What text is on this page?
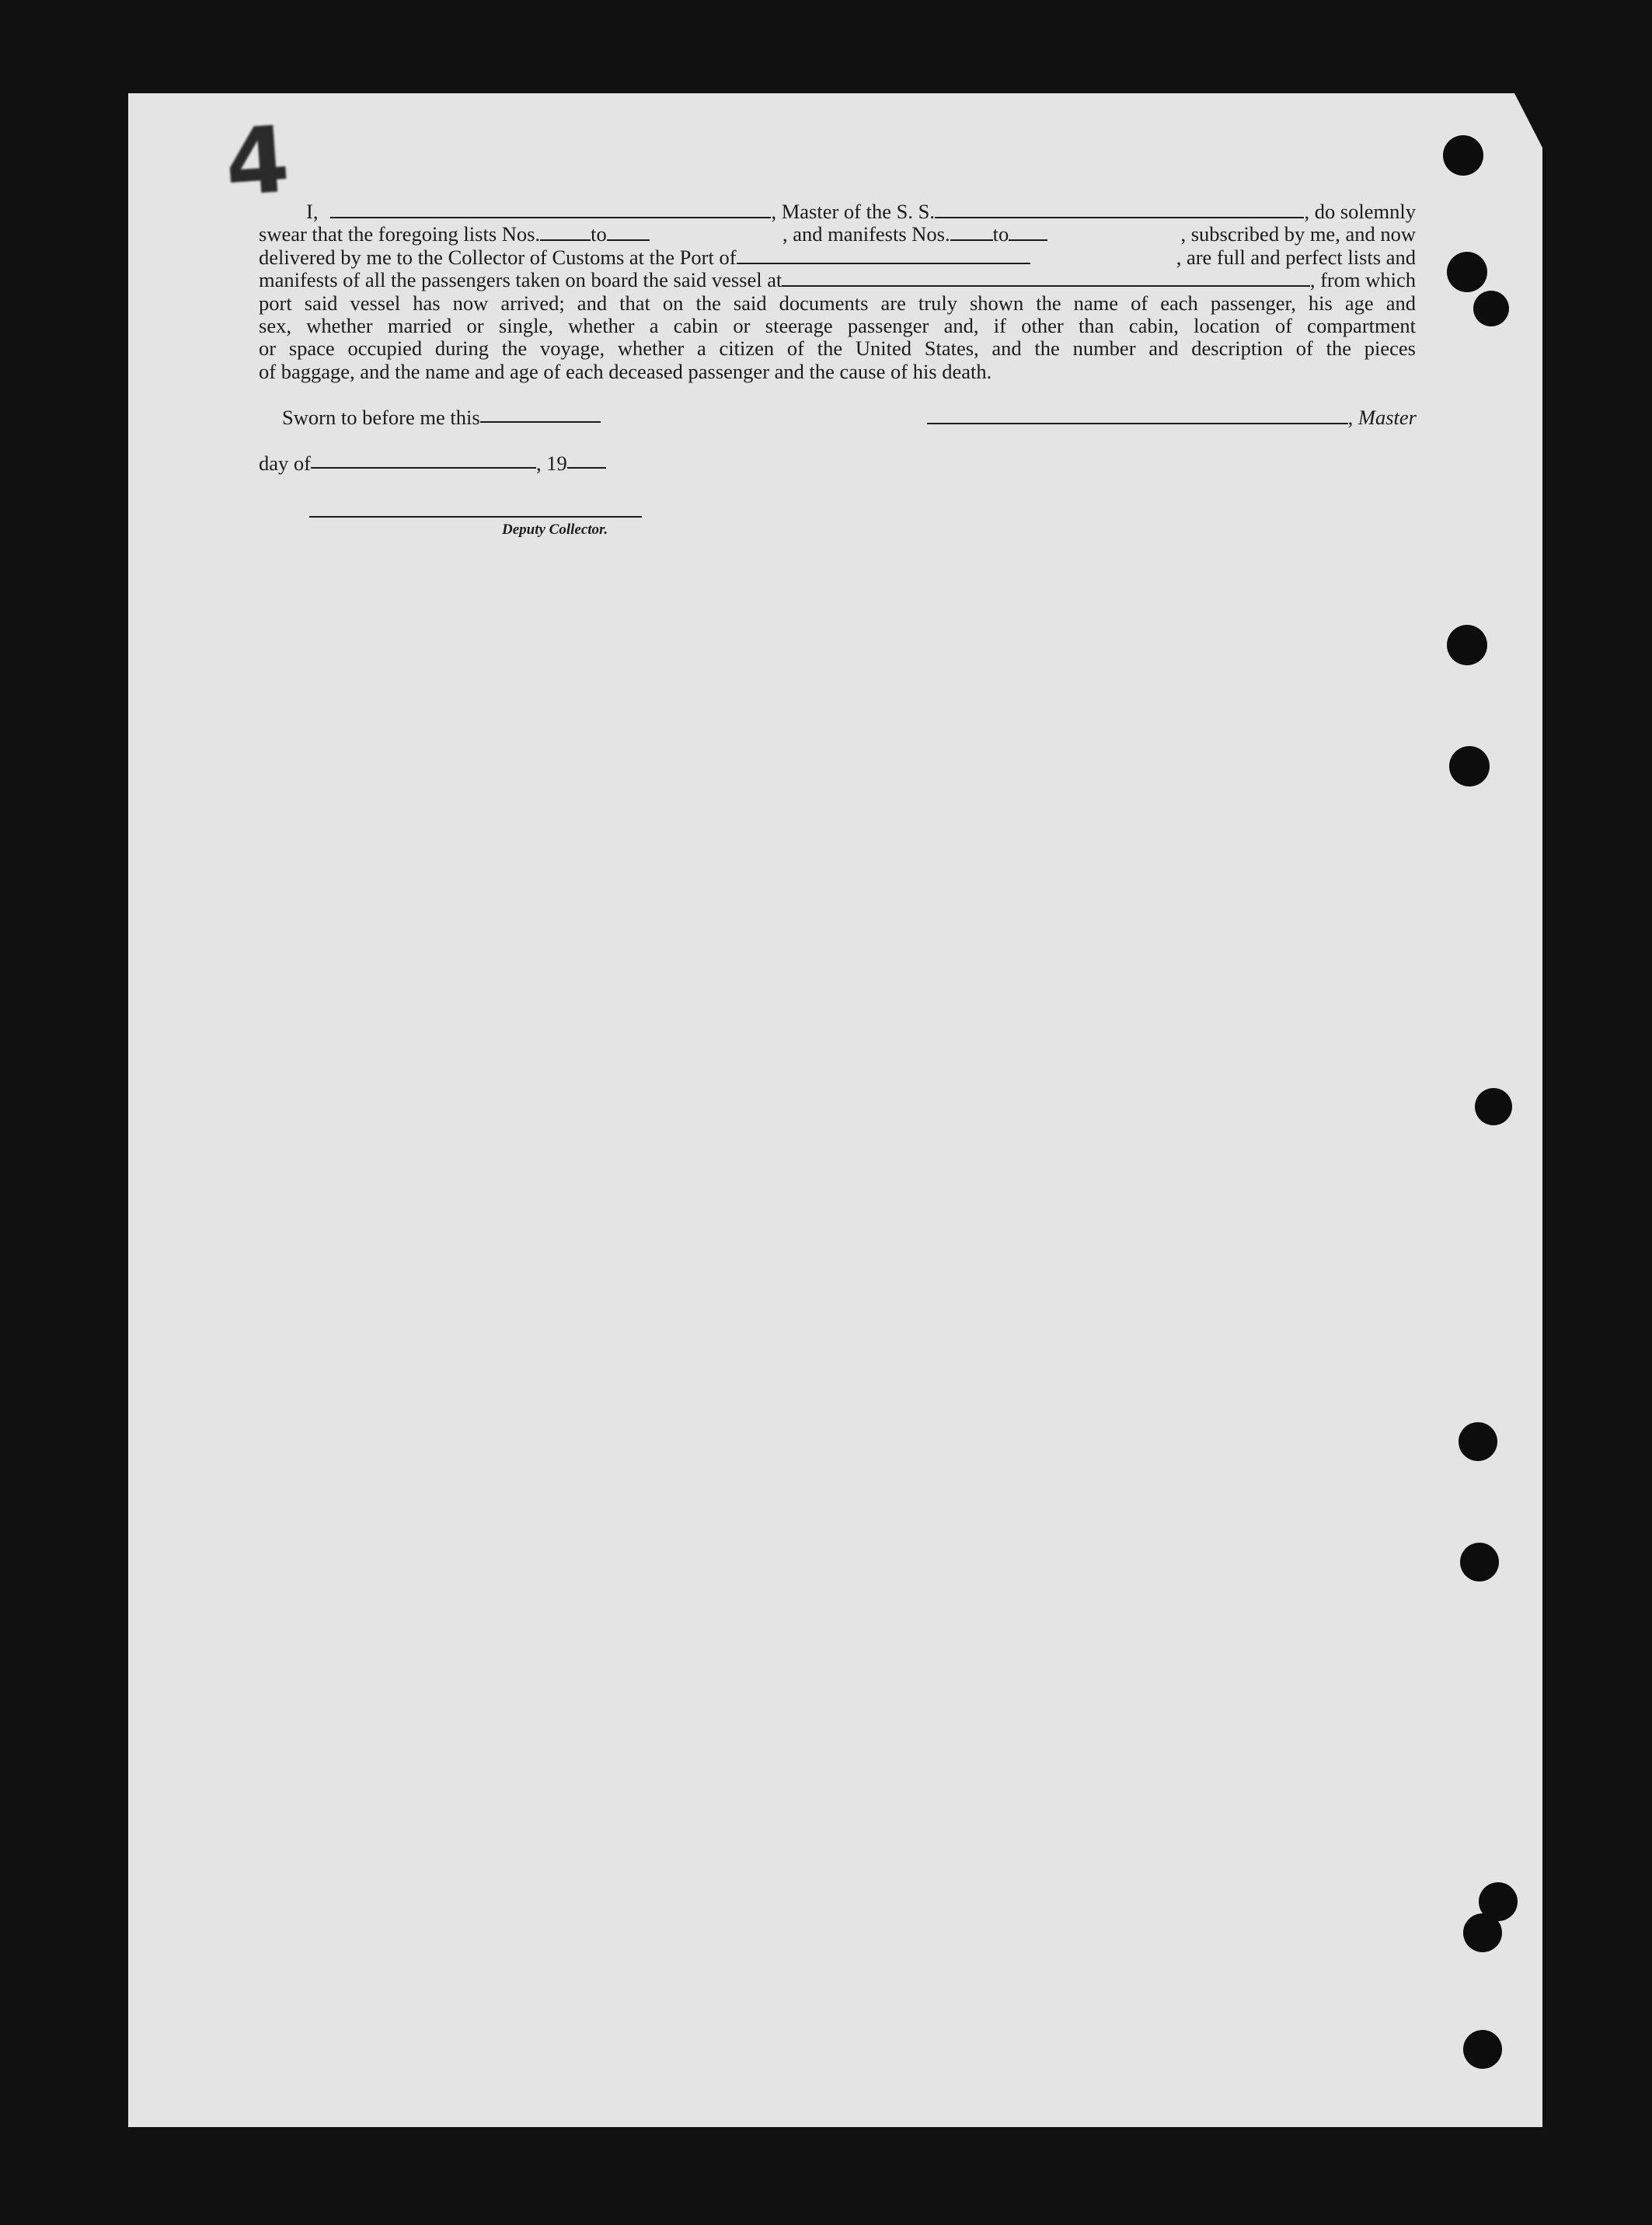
4 I,	, Master of the S. S.	, do solemnly
swear that the foregoing lists Nos. to	, and manifests Nos. to	, subscribed by me, and now
delivered by me to the Collector of Customs at the Port of	, are full and perfect lists and
manifests of all the passengers taken on board the said vessel at	, from which
port said vessel has now arrived; and that on the said documents are truly shown the name of each passenger, his age and
sex, whether married or single, whether a cabin or steerage passenger and, if other than cabin, location of compartment
or space occupied during the voyage, whether a citizen of the United States, and the number and description of the pieces
of baggage, and the name and age of each deceased passenger and the cause of his death.
Sworn to before me this	, Master
day of	, 19
Deputy Collector.
